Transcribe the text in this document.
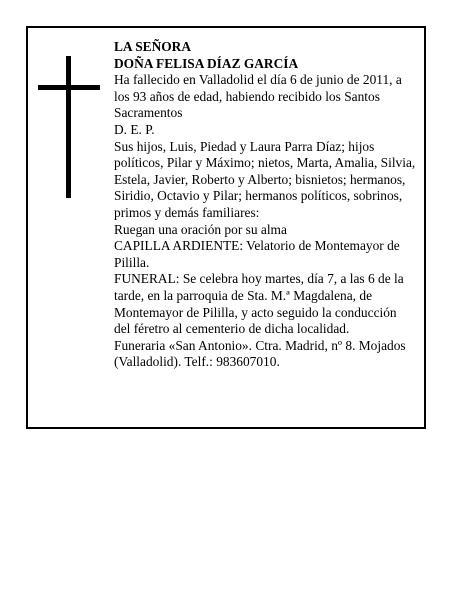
LA SEÑORA

DOÑA FELISA DÍAZ GARCÍA

Ha fallecido en Valladolid el día 6 de junio de 2011, a los 93 años de edad, habiendo recibido los Santos Sacramentos

D. E. P.

Sus hijos, Luis, Piedad y Laura Parra Díaz; hijos políticos, Pilar y Máximo; nietos, Marta, Amalia, Silvia, Estela, Javier, Roberto y Alberto; bisnietos; hermanos, Siridio, Octavio y Pilar; hermanos políticos, sobrinos, primos y demás familiares:

Ruegan una oración por su alma

CAPILLA ARDIENTE: Velatorio de Montemayor de Pililla.

FUNERAL: Se celebra hoy martes, día 7, a las 6 de la tarde, en la parroquia de Sta. M.ª Magdalena, de Montemayor de Pililla, y acto seguido la conducción del féretro al cementerio de dicha localidad.

Funeraria «San Antonio». Ctra. Madrid, nº 8. Mojados (Valladolid). Telf.: 983607010.
